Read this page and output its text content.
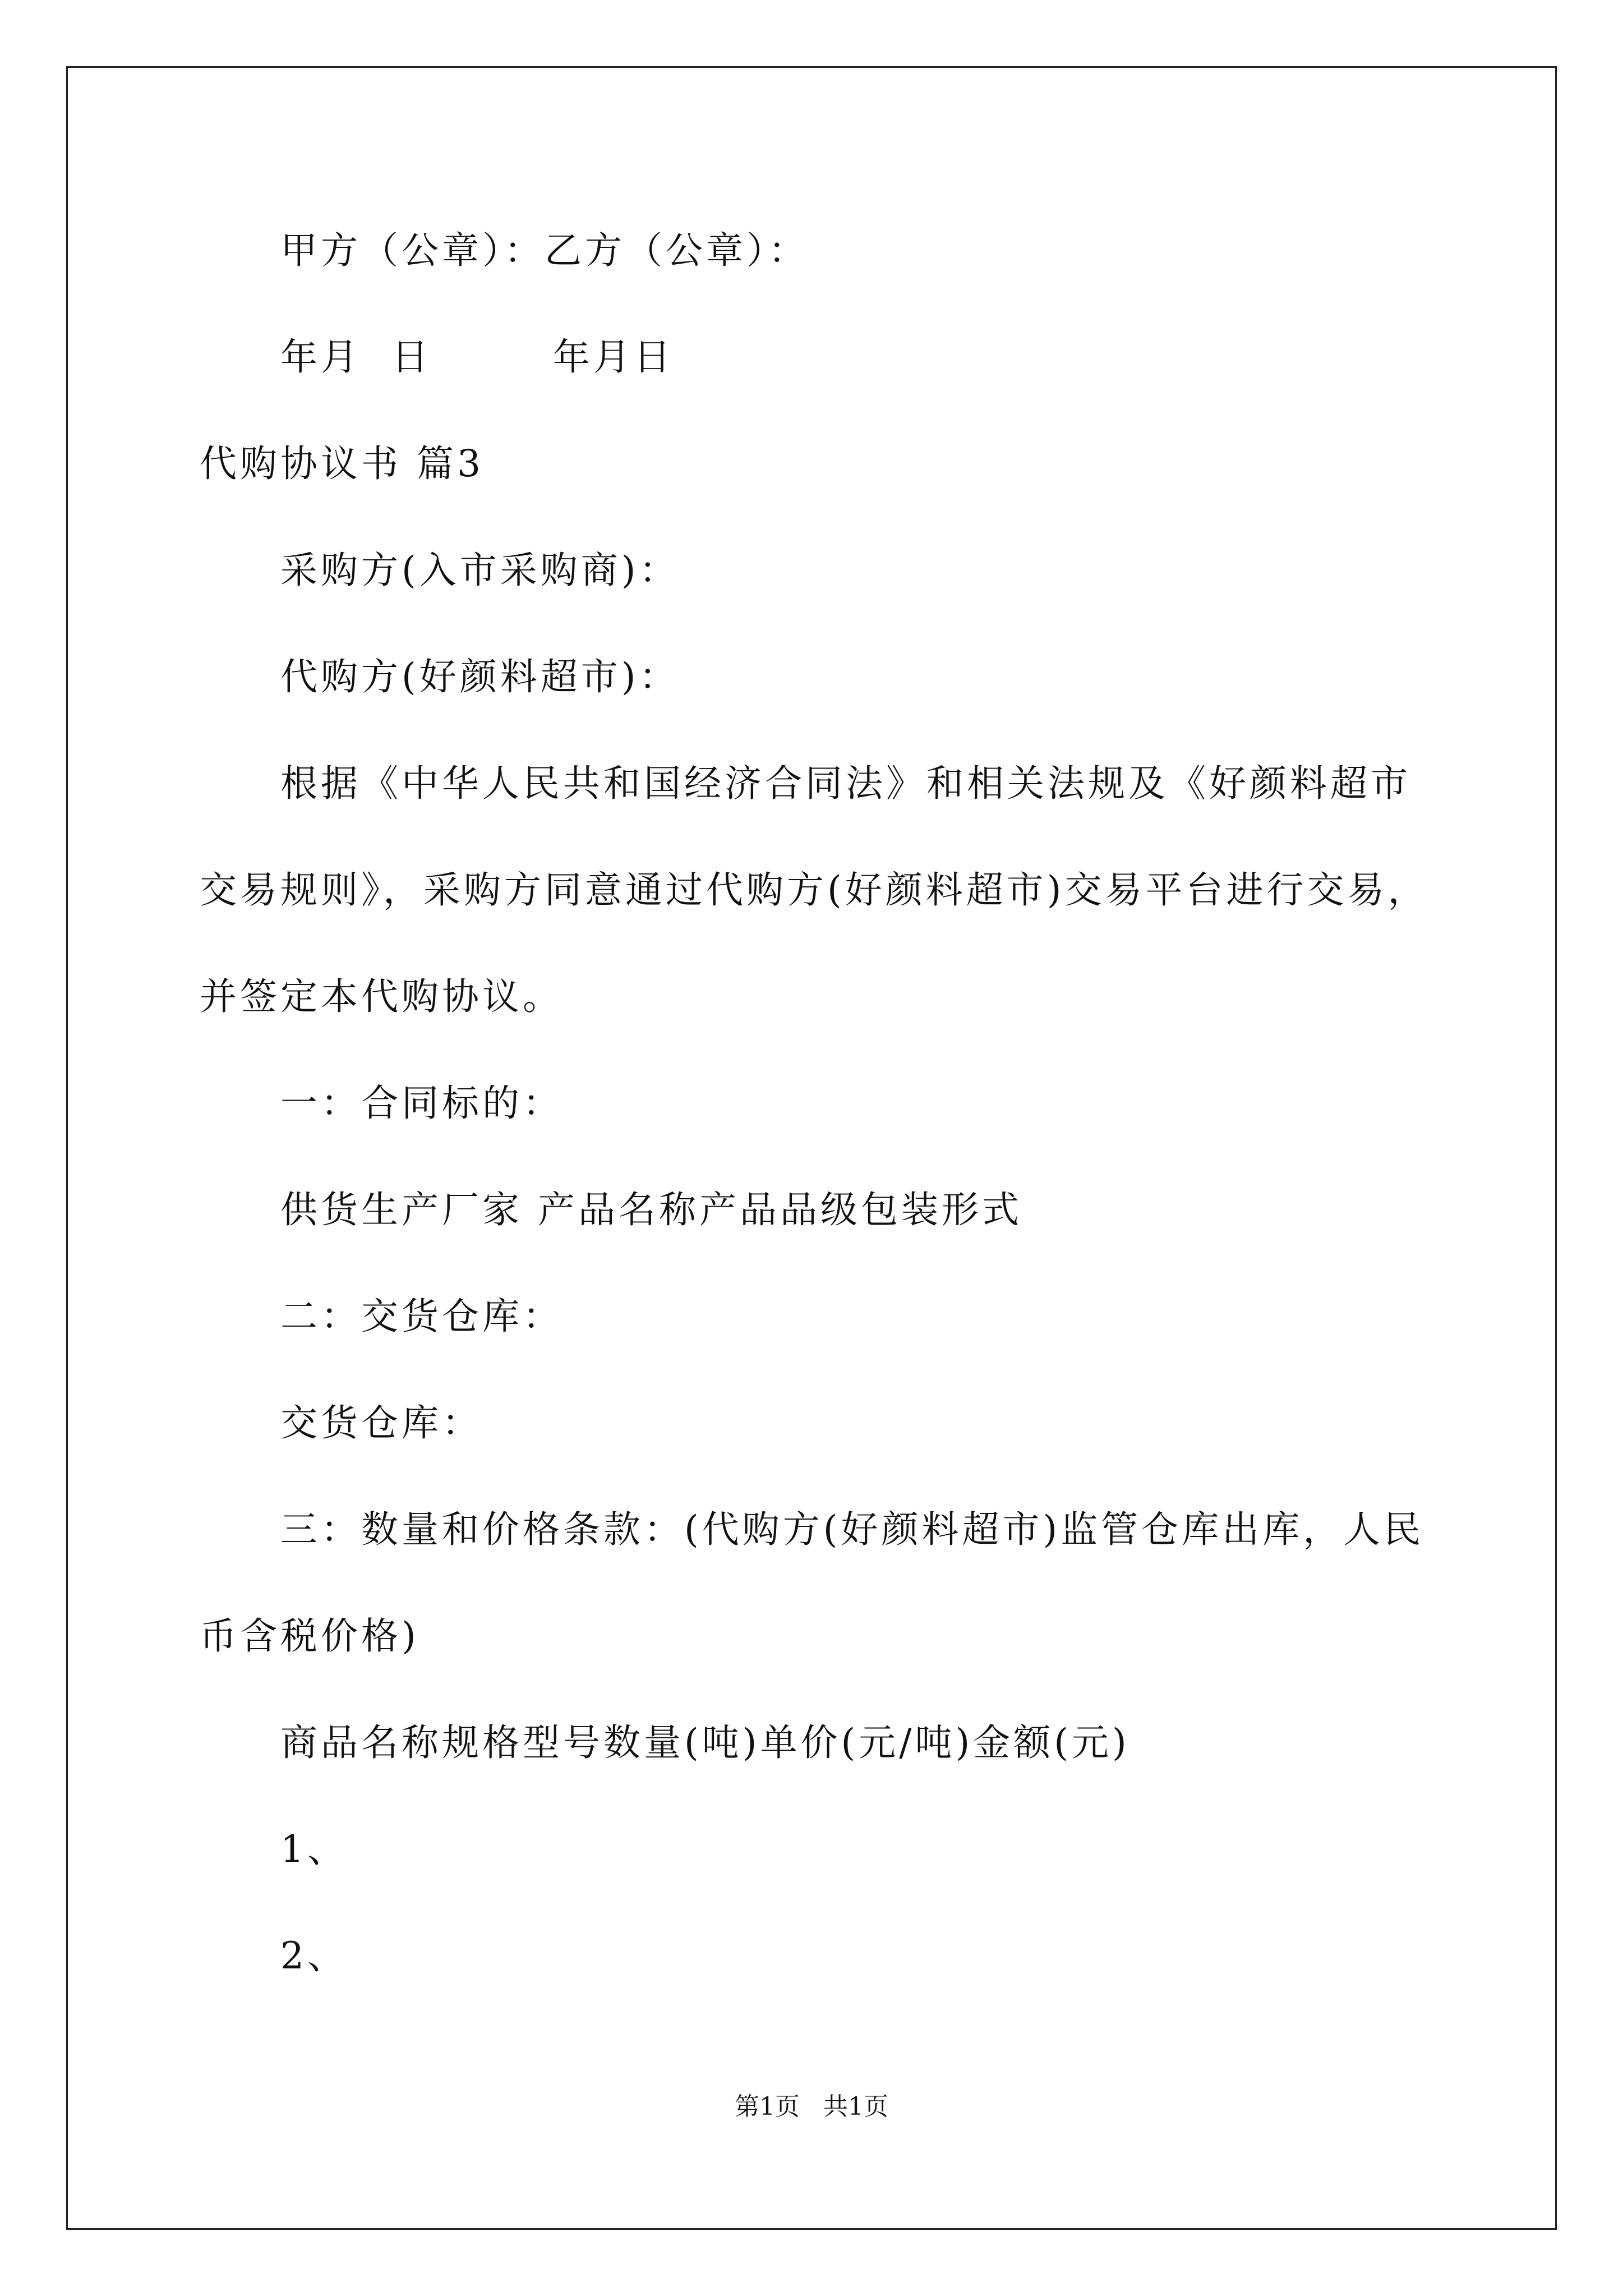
甲方（公章）：乙方（公章）：
年月  日        年月日
代购协议书 篇3
采购方(入市采购商)：
代购方(好颜料超市)：
根据《中华人民共和国经济合同法》和相关法规及《好颜料超市
交易规则》，采购方同意通过代购方(好颜料超市)交易平台进行交易，
并签定本代购协议。
一：合同标的：
供货生产厂家 产品名称产品品级包装形式
二：交货仓库：
交货仓库：
三：数量和价格条款：(代购方(好颜料超市)监管仓库出库，人民
币含税价格)
商品名称规格型号数量(吨)单价(元/吨)金额(元)
1、
2、
第1页   共1页
